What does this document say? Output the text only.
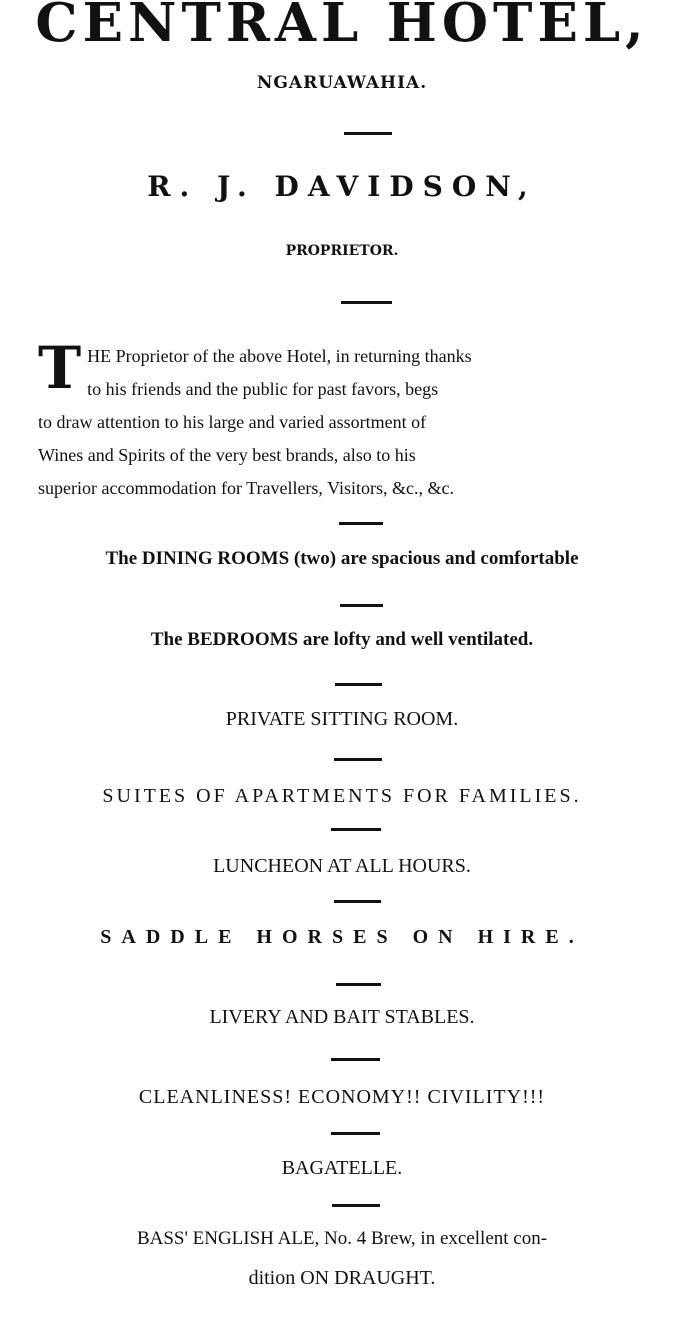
CENTRAL HOTEL,
NGARUAWAHIA.
R. J. DAVIDSON,
PROPRIETOR.
T HE Proprietor of the above Hotel, in returning thanks
to his friends and the public for past favors, begs
to draw attention to his large and varied assortment of
Wines and Spirits of the very best brands, also to his
superior accommodation for Travellers, Visitors, &c., &c.
The DINING ROOMS (two) are spacious and comfortable
The BEDROOMS are lofty and well ventilated.
PRIVATE SITTING ROOM.
SUITES OF APARTMENTS FOR FAMILIES.
LUNCHEON AT ALL HOURS.
SADDLE HORSES ON HIRE.
LIVERY AND BAIT STABLES.
CLEANLINESS! ECONOMY!! CIVILITY!!!
BAGATELLE.
BASS' ENGLISH ALE, No. 4 Brew, in excellent con-
dition ON DRAUGHT.
